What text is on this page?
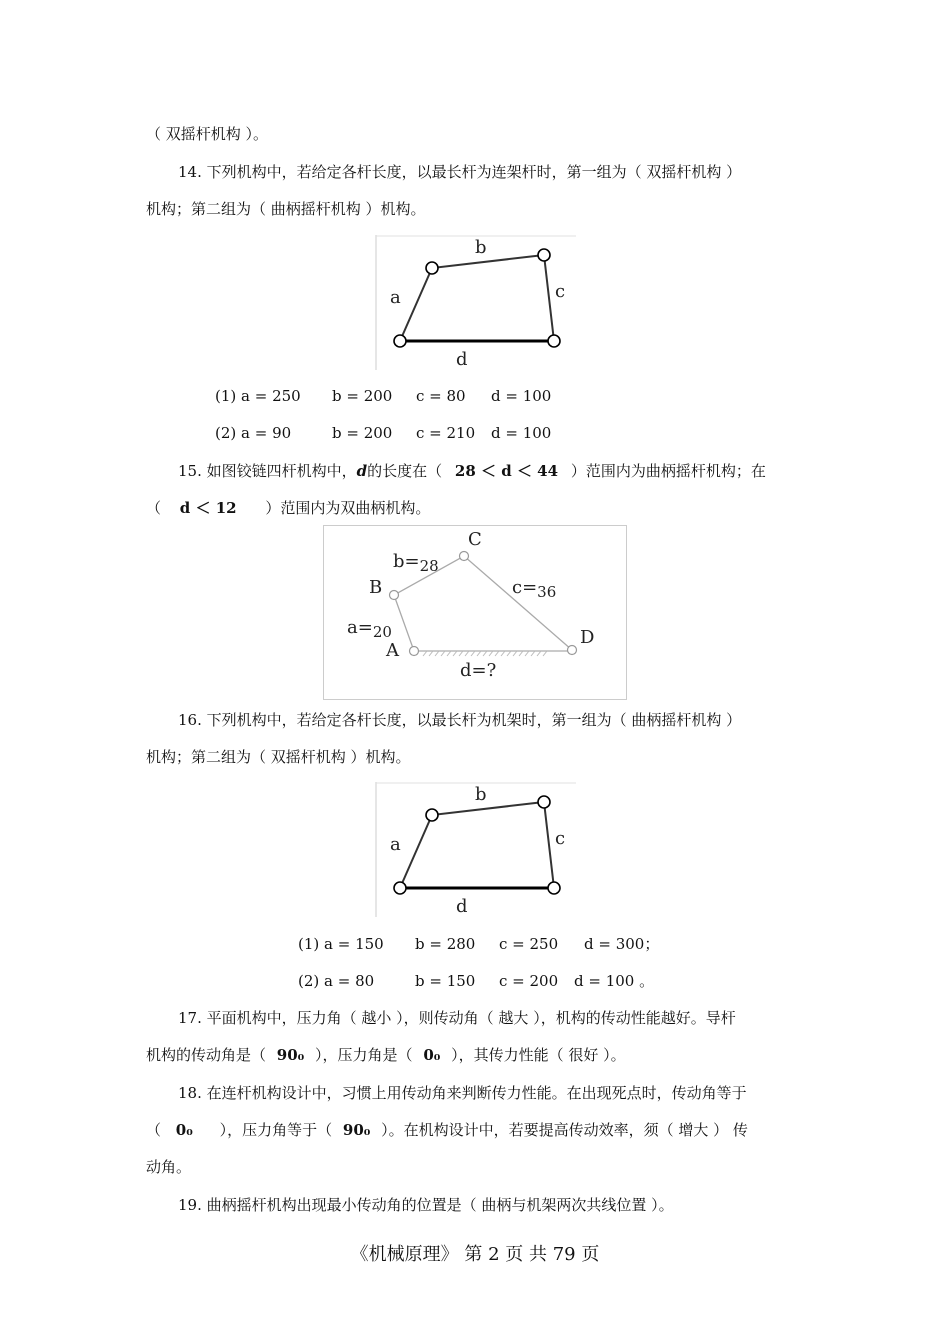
（ 双摇杆机构 ）。
14. 下列机构中，若给定各杆长度，以最长杆为连架杆时，第一组为（ 双摇杆机构 ）
机构；第二组为（ 曲柄摇杆机构 ）机构。
a
b
c
d
(1) a = 250 b = 200 c = 80 d = 100
(2) a = 90	b = 200 c = 210 d = 100
15. 如图铰链四杆机构中，d的长度在（ 28 ＜ d ＜ 44 ）范围内为曲柄摇杆机构；在
（ d ＜ 12 ）范围内为双曲柄机构。
A
B
C
D
$a=_{20}$
$b=_{28}$
$c=_{36}$
d=?
16. 下列机构中，若给定各杆长度，以最长杆为机架时，第一组为（ 曲柄摇杆机构 ）
机构；第二组为（ 双摇杆机构 ）机构。
a
b
c
d
(1) a = 150 b = 280 c = 250 d = 300；
(2) a = 80	b = 150 c = 200 d = 100 。
17. 平面机构中，压力角（ 越小 ），则传动角（ 越大 ），机构的传动性能越好。导杆
机构的传动角是（ 90₀ ），压力角是（ 0₀ ），其传力性能（ 很好 ）。
18. 在连杆机构设计中，习惯上用传动角来判断传力性能。在出现死点时，传动角等于
（ 0₀ ），压力角等于（ 90₀ ）。在机构设计中，若要提高传动效率，须（ 增大 ） 传
动角。
19. 曲柄摇杆机构出现最小传动角的位置是（ 曲柄与机架两次共线位置 ）。
《机械原理》 第 2 页 共 79 页
